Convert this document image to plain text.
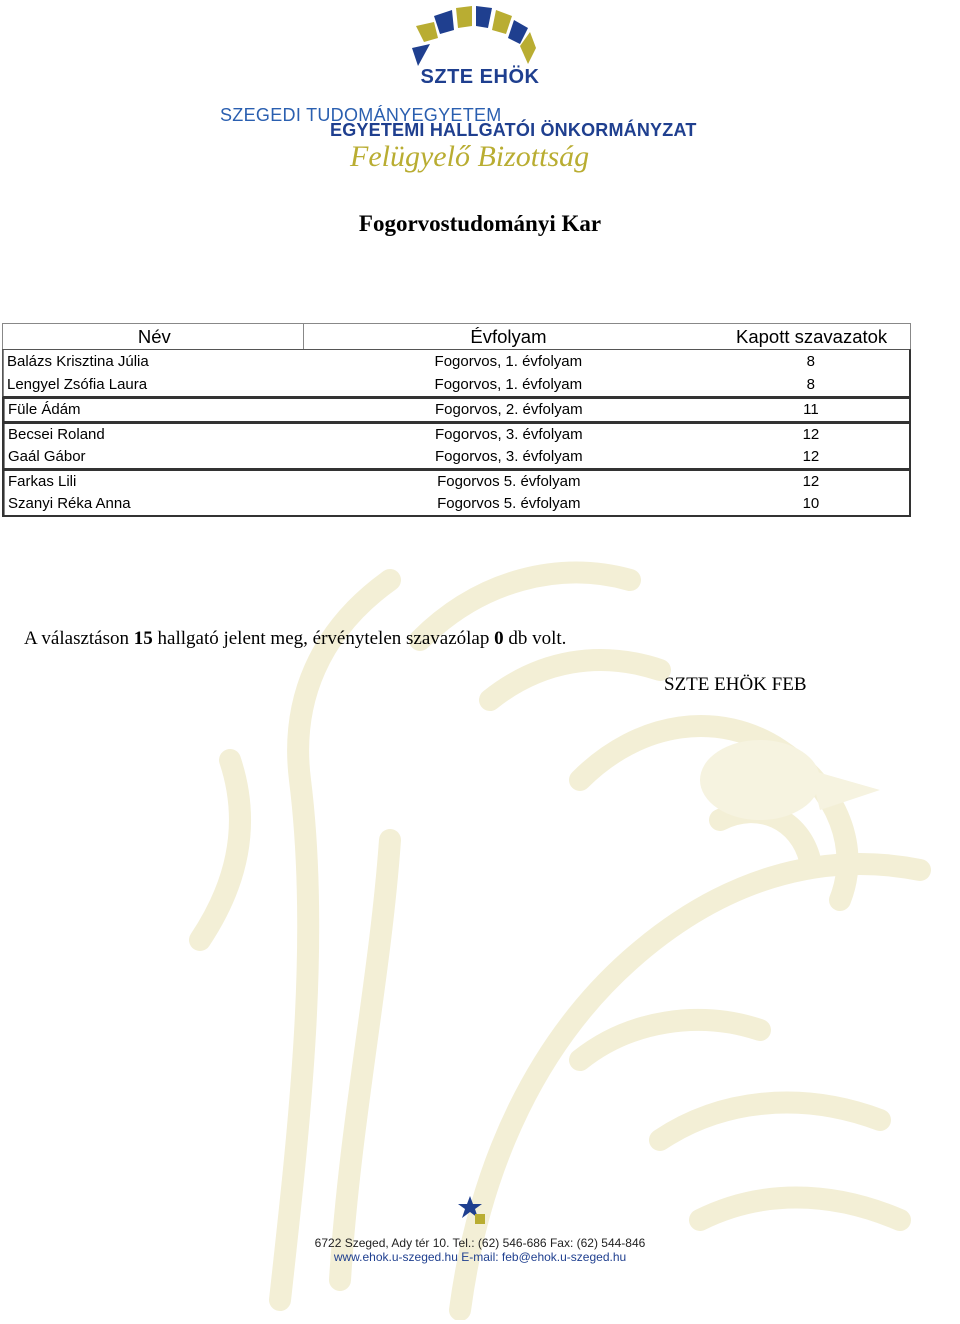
SZTE EHÖK
SZEGEDI TUDOMÁNYEGYETEM
EGYETEMI HALLGATÓI ÖNKORMÁNYZAT
Felügyelő Bizottság
Fogorvostudományi Kar
Név	Évfolyam	Kapott szavazatok
Balázs Krisztina Júlia	Fogorvos, 1. évfolyam	8
Lengyel Zsófia Laura	Fogorvos, 1. évfolyam	8
Füle Ádám	Fogorvos, 2. évfolyam	11
Becsei Roland	Fogorvos, 3. évfolyam	12
Gaál Gábor	Fogorvos, 3. évfolyam	12
Farkas Lili	Fogorvos 5. évfolyam	12
Szanyi Réka Anna	Fogorvos 5. évfolyam	10
A választáson 15 hallgató jelent meg, érvénytelen szavazólap 0 db volt.
SZTE EHÖK FEB
6722 Szeged, Ady tér 10. Tel.: (62) 546-686 Fax: (62) 544-846
www.ehok.u-szeged.hu E-mail: feb@ehok.u-szeged.hu
